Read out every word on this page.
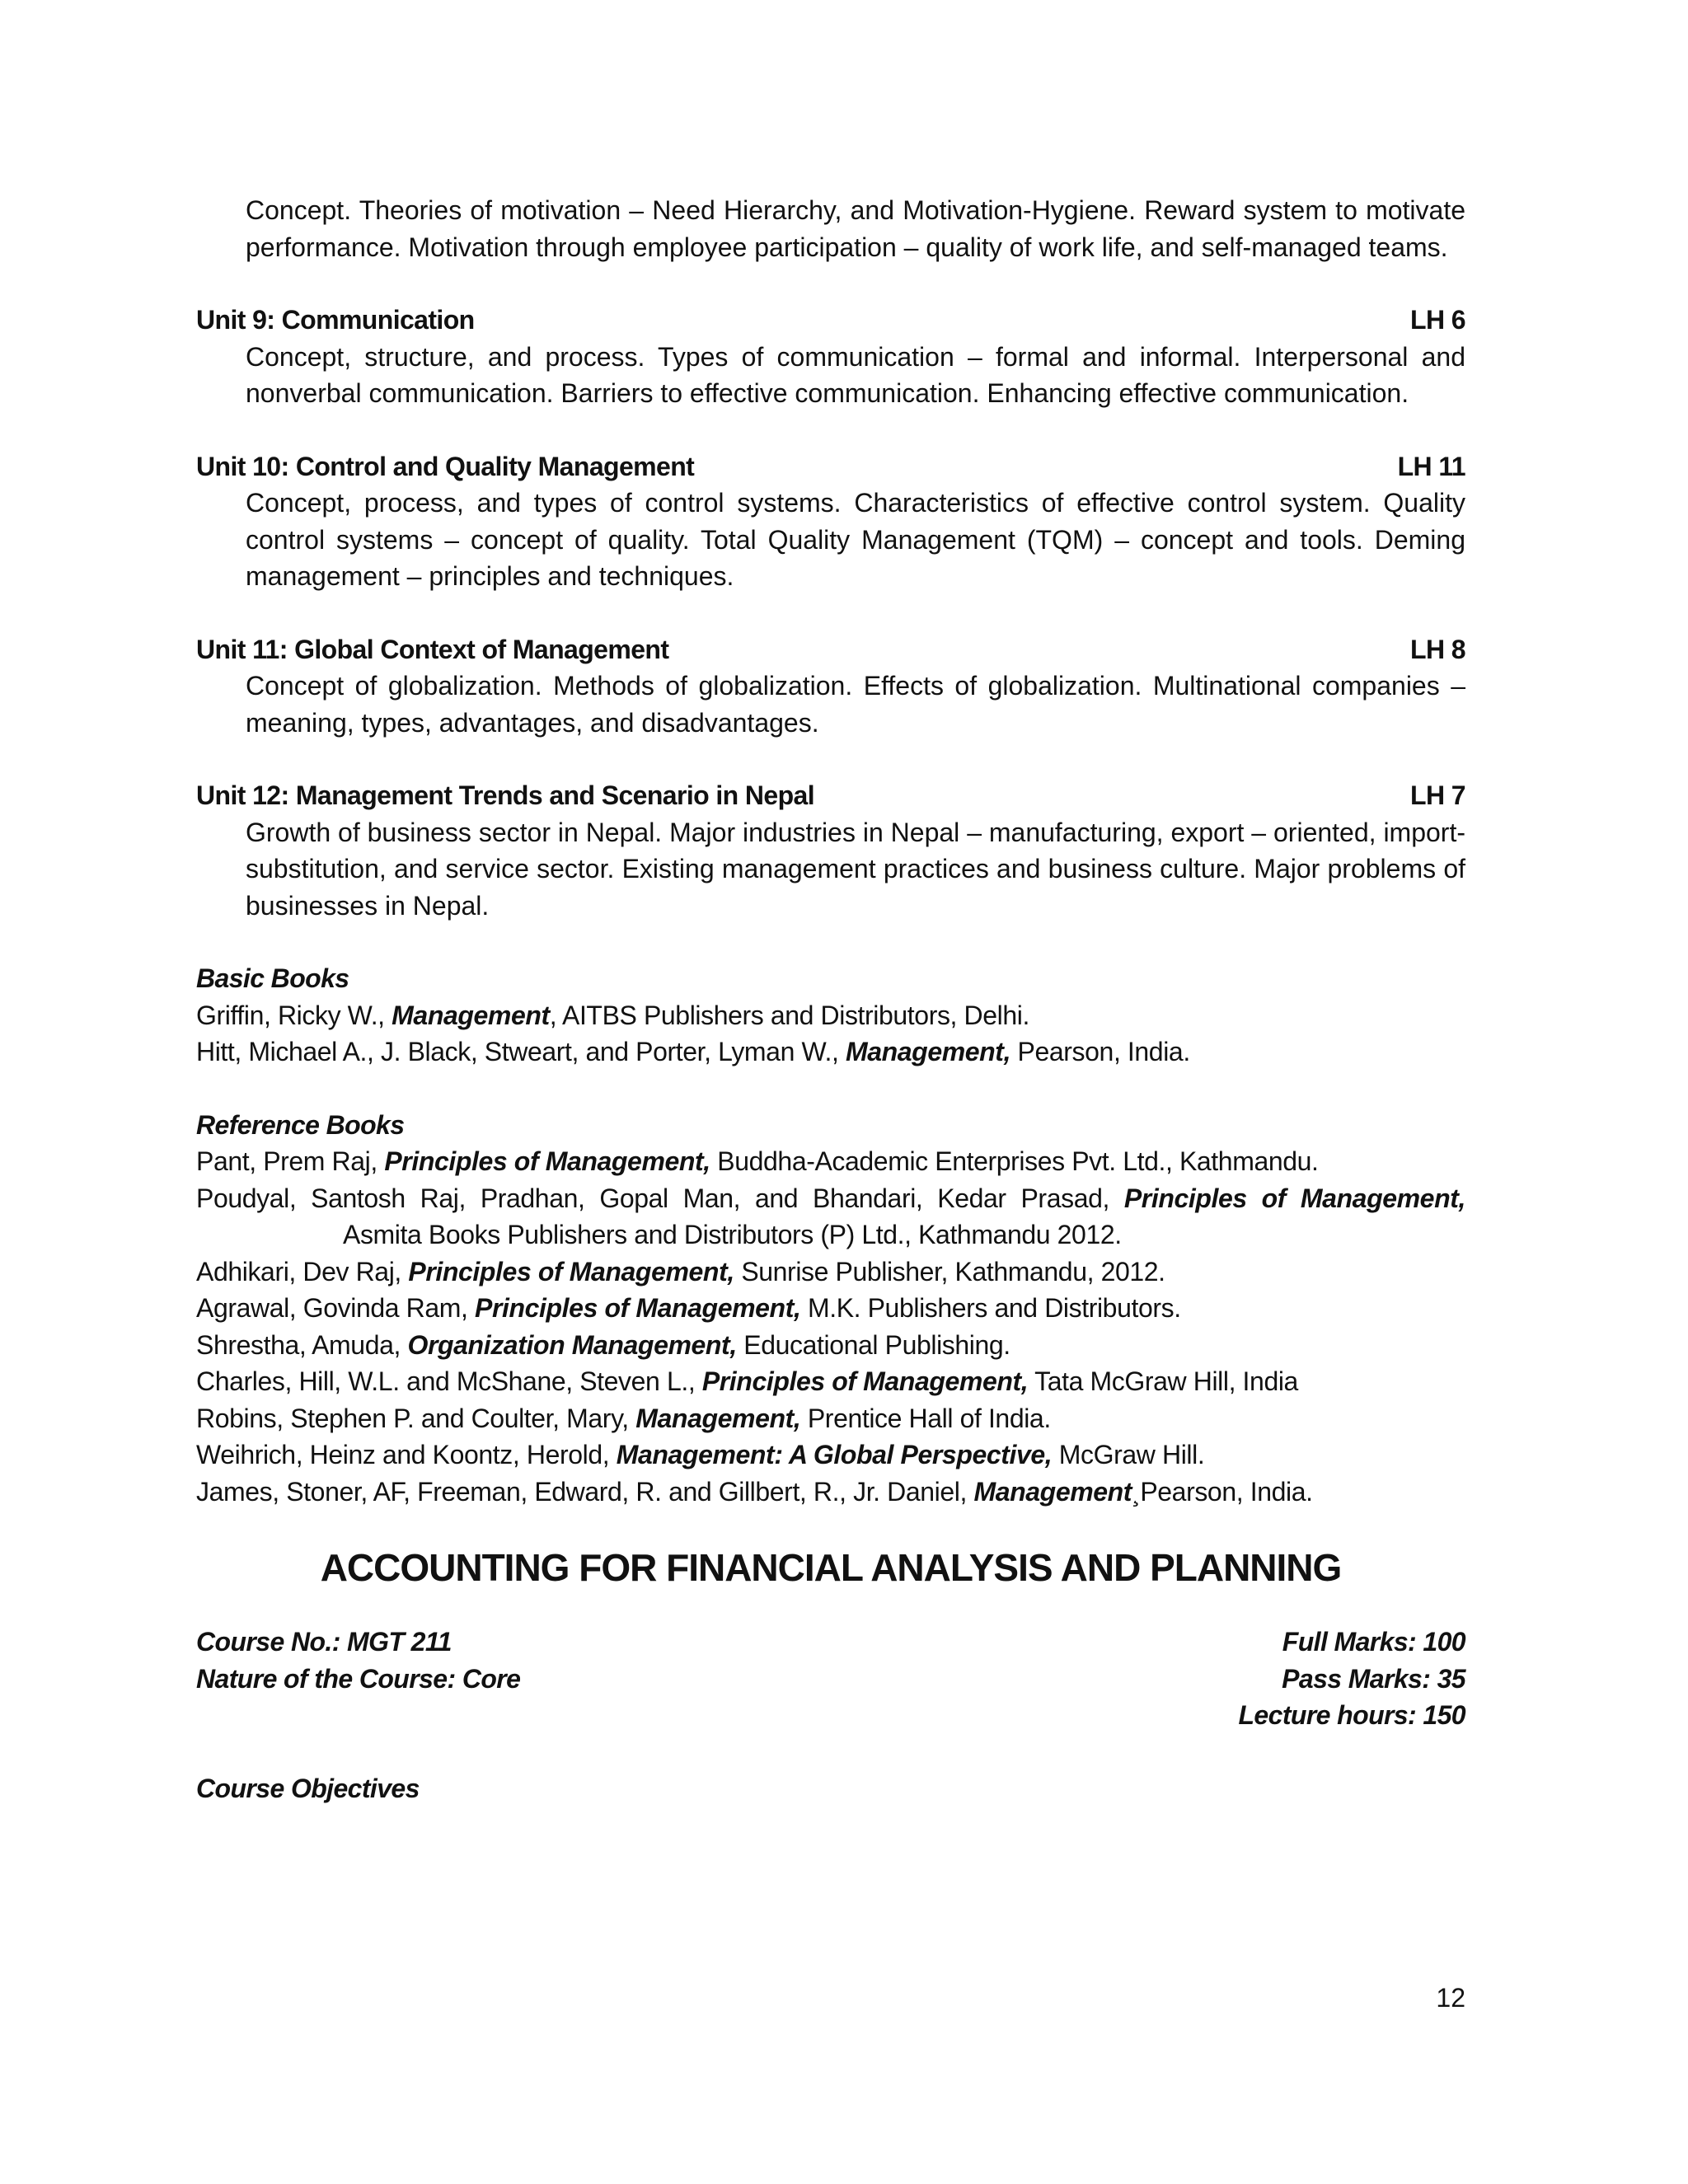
Concept. Theories of motivation – Need Hierarchy, and Motivation-Hygiene. Reward system to motivate performance. Motivation through employee participation – quality of work life, and self-managed teams.

Unit 9: Communication	LH 6

Concept, structure, and process. Types of communication – formal and informal. Interpersonal and nonverbal communication. Barriers to effective communication. Enhancing effective communication.

Unit 10: Control and Quality Management	LH 11

Concept, process, and types of control systems. Characteristics of effective control system. Quality control systems – concept of quality. Total Quality Management (TQM) – concept and tools. Deming management – principles and techniques.

Unit 11: Global Context of Management	LH 8

Concept of globalization. Methods of globalization. Effects of globalization. Multinational companies – meaning, types, advantages, and disadvantages.

Unit 12: Management Trends and Scenario in Nepal	LH 7

Growth of business sector in Nepal. Major industries in Nepal – manufacturing, export – oriented, import-substitution, and service sector. Existing management practices and business culture. Major problems of businesses in Nepal.

Basic Books

Griffin, Ricky W., Management, AITBS Publishers and Distributors, Delhi.

Hitt, Michael A., J. Black, Stweart, and Porter, Lyman W., Management, Pearson, India.

Reference Books

Pant, Prem Raj, Principles of Management, Buddha-Academic Enterprises Pvt. Ltd., Kathmandu.

Poudyal, Santosh Raj, Pradhan, Gopal Man, and Bhandari, Kedar Prasad, Principles of Management,

Asmita Books Publishers and Distributors (P) Ltd., Kathmandu 2012.

Adhikari, Dev Raj, Principles of Management, Sunrise Publisher, Kathmandu, 2012.

Agrawal, Govinda Ram, Principles of Management, M.K. Publishers and Distributors.

Shrestha, Amuda, Organization Management, Educational Publishing.

Charles, Hill, W.L. and McShane, Steven L., Principles of Management, Tata McGraw Hill, India

Robins, Stephen P. and Coulter, Mary, Management, Prentice Hall of India.

Weihrich, Heinz and Koontz, Herold, Management: A Global Perspective, McGraw Hill.

James, Stoner, AF, Freeman, Edward, R. and Gillbert, R., Jr. Daniel, Management¸Pearson, India.

ACCOUNTING FOR FINANCIAL ANALYSIS AND PLANNING
Course No.: MGT 211
Nature of the Course: Core
Full Marks: 100
Pass Marks: 35
Lecture hours: 150
Course Objectives
12
